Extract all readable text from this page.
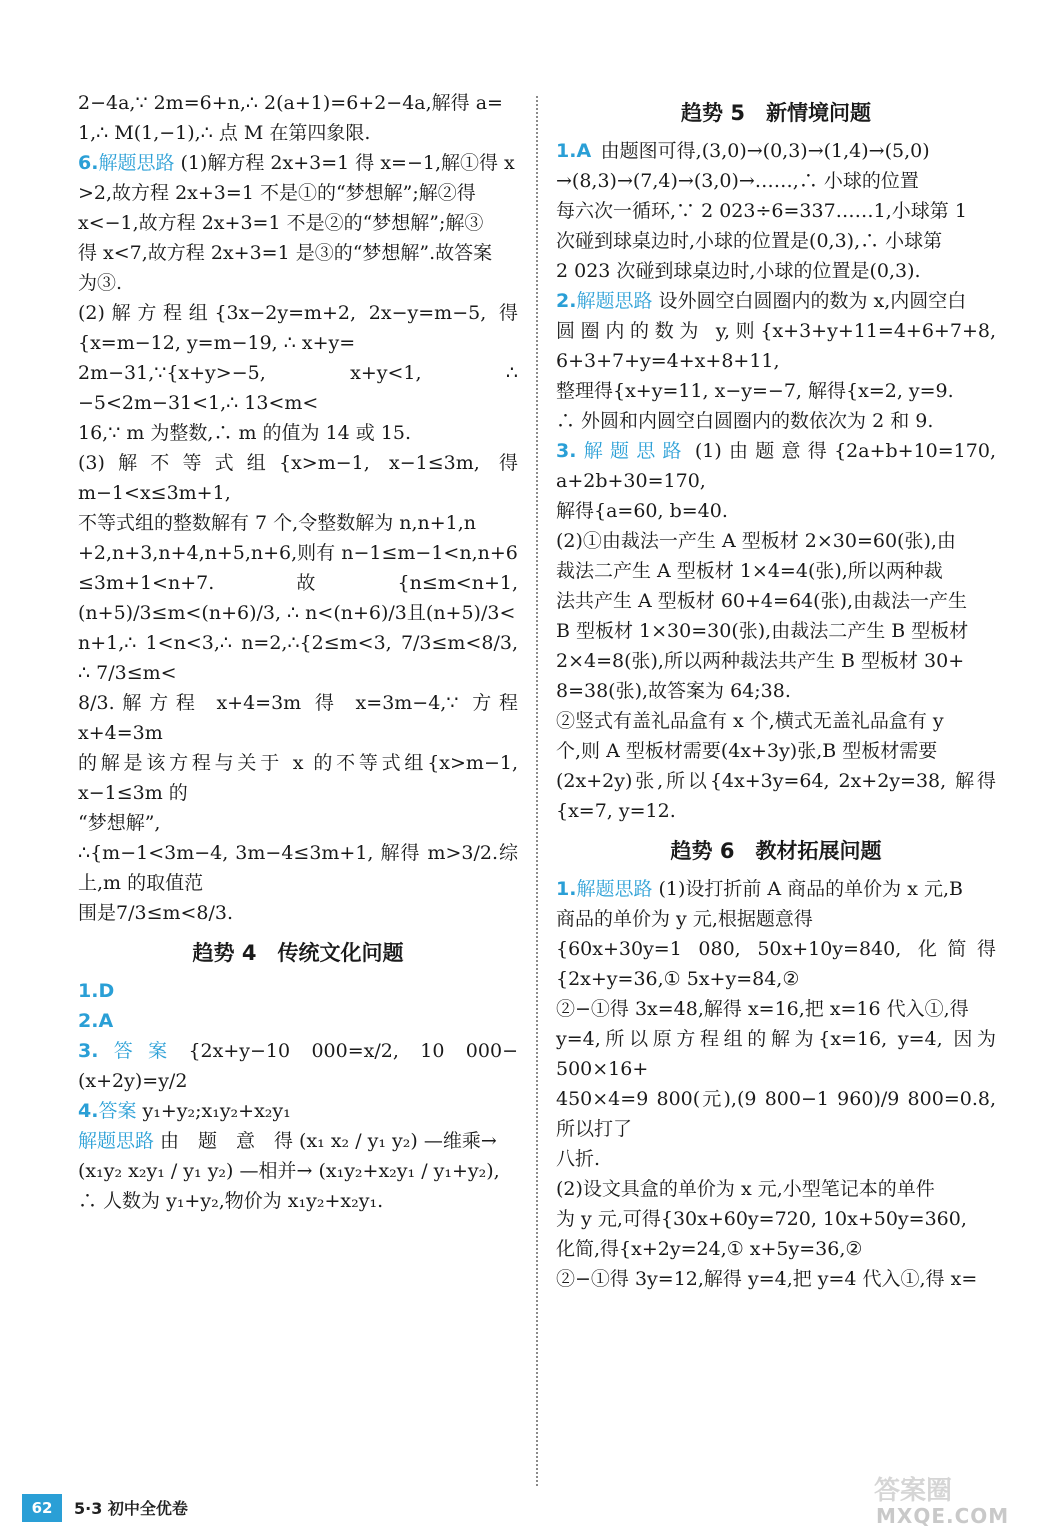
2−4a,∵ 2m=6+n,∴ 2(a+1)=6+2−4a,解得 a=

1,∴ M(1,−1),∴ 点 M 在第四象限.

6.解题思路 (1)解方程 2x+3=1 得 x=−1,解①得 x

>2,故方程 2x+3=1 不是①的“梦想解”;解②得

x<−1,故方程 2x+3=1 不是②的“梦想解”;解③

得 x<7,故方程 2x+3=1 是③的“梦想解”.故答案

为③.

(2)解方程组{3x−2y=m+2, 2x−y=m−5, 得{x=m−12, y=m−19, ∴ x+y=

2m−31,∵{x+y>−5, x+y<1, ∴ −5<2m−31<1,∴ 13<m<

16,∵ m 为整数,∴ m 的值为 14 或 15.

(3)解不等式组{x>m−1, x−1≤3m, 得 m−1<x≤3m+1,

不等式组的整数解有 7 个,令整数解为 n,n+1,n

+2,n+3,n+4,n+5,n+6,则有 n−1≤m−1<n,n+6

≤3m+1<n+7.故{n≤m<n+1, (n+5)/3≤m<(n+6)/3, ∴ n<(n+6)/3且(n+5)/3<

n+1,∴ 1<n<3,∴ n=2,∴{2≤m<3, 7/3≤m<8/3, ∴ 7/3≤m<

8/3.解方程 x+4=3m 得 x=3m−4,∵ 方程 x+4=3m

的解是该方程与关于 x 的不等式组{x>m−1, x−1≤3m 的

“梦想解”,

∴{m−1<3m−4, 3m−4≤3m+1, 解得 m>3/2.综上,m 的取值范

围是7/3≤m<8/3.

趋势 4　传统文化问题

1.D

2.A

3.答案 {2x+y−10 000=x/2, 10 000−(x+2y)=y/2

4.答案 y₁+y₂;x₁y₂+x₂y₁

解题思路 由　题　意　得 (x₁ x₂ / y₁ y₂) —维乘→

(x₁y₂ x₂y₁ / y₁ y₂) —相并→ (x₁y₂+x₂y₁ / y₁+y₂),

∴ 人数为 y₁+y₂,物价为 x₁y₂+x₂y₁.

趋势 5　新情境问题

1.A  由题图可得,(3,0)→(0,3)→(1,4)→(5,0)

→(8,3)→(7,4)→(3,0)→……,∴ 小球的位置

每六次一循环,∵ 2 023÷6=337……1,小球第 1

次碰到球桌边时,小球的位置是(0,3),∴ 小球第

2 023 次碰到球桌边时,小球的位置是(0,3).

2.解题思路 设外圆空白圆圈内的数为 x,内圆空白

圆圈内的数为 y,则{x+3+y+11=4+6+7+8, 6+3+7+y=4+x+8+11,

整理得{x+y=11, x−y=−7, 解得{x=2, y=9.

∴ 外圆和内圆空白圆圈内的数依次为 2 和 9.

3.解题思路 (1)由题意得{2a+b+10=170, a+2b+30=170,

解得{a=60, b=40.

(2)①由裁法一产生 A 型板材 2×30=60(张),由

裁法二产生 A 型板材 1×4=4(张),所以两种裁

法共产生 A 型板材 60+4=64(张),由裁法一产生

B 型板材 1×30=30(张),由裁法二产生 B 型板材

2×4=8(张),所以两种裁法共产生 B 型板材 30+

8=38(张),故答案为 64;38.

②竖式有盖礼品盒有 x 个,横式无盖礼品盒有 y

个,则 A 型板材需要(4x+3y)张,B 型板材需要

(2x+2y)张,所以{4x+3y=64, 2x+2y=38, 解得{x=7, y=12.

趋势 6　教材拓展问题

1.解题思路 (1)设打折前 A 商品的单价为 x 元,B

商品的单价为 y 元,根据题意得

{60x+30y=1 080, 50x+10y=840, 化简得{2x+y=36,① 5x+y=84,②

②−①得 3x=48,解得 x=16,把 x=16 代入①,得

y=4,所以原方程组的解为{x=16, y=4, 因为 500×16+

450×4=9 800(元),(9 800−1 960)/9 800=0.8,所以打了

八折.

(2)设文具盒的单价为 x 元,小型笔记本的单件

为 y 元,可得{30x+60y=720, 10x+50y=360,

化简,得{x+2y=24,① x+5y=36,②

②−①得 3y=12,解得 y=4,把 y=4 代入①,得 x=

62	5·3 初中全优卷
答案圈
MXQE.COM
